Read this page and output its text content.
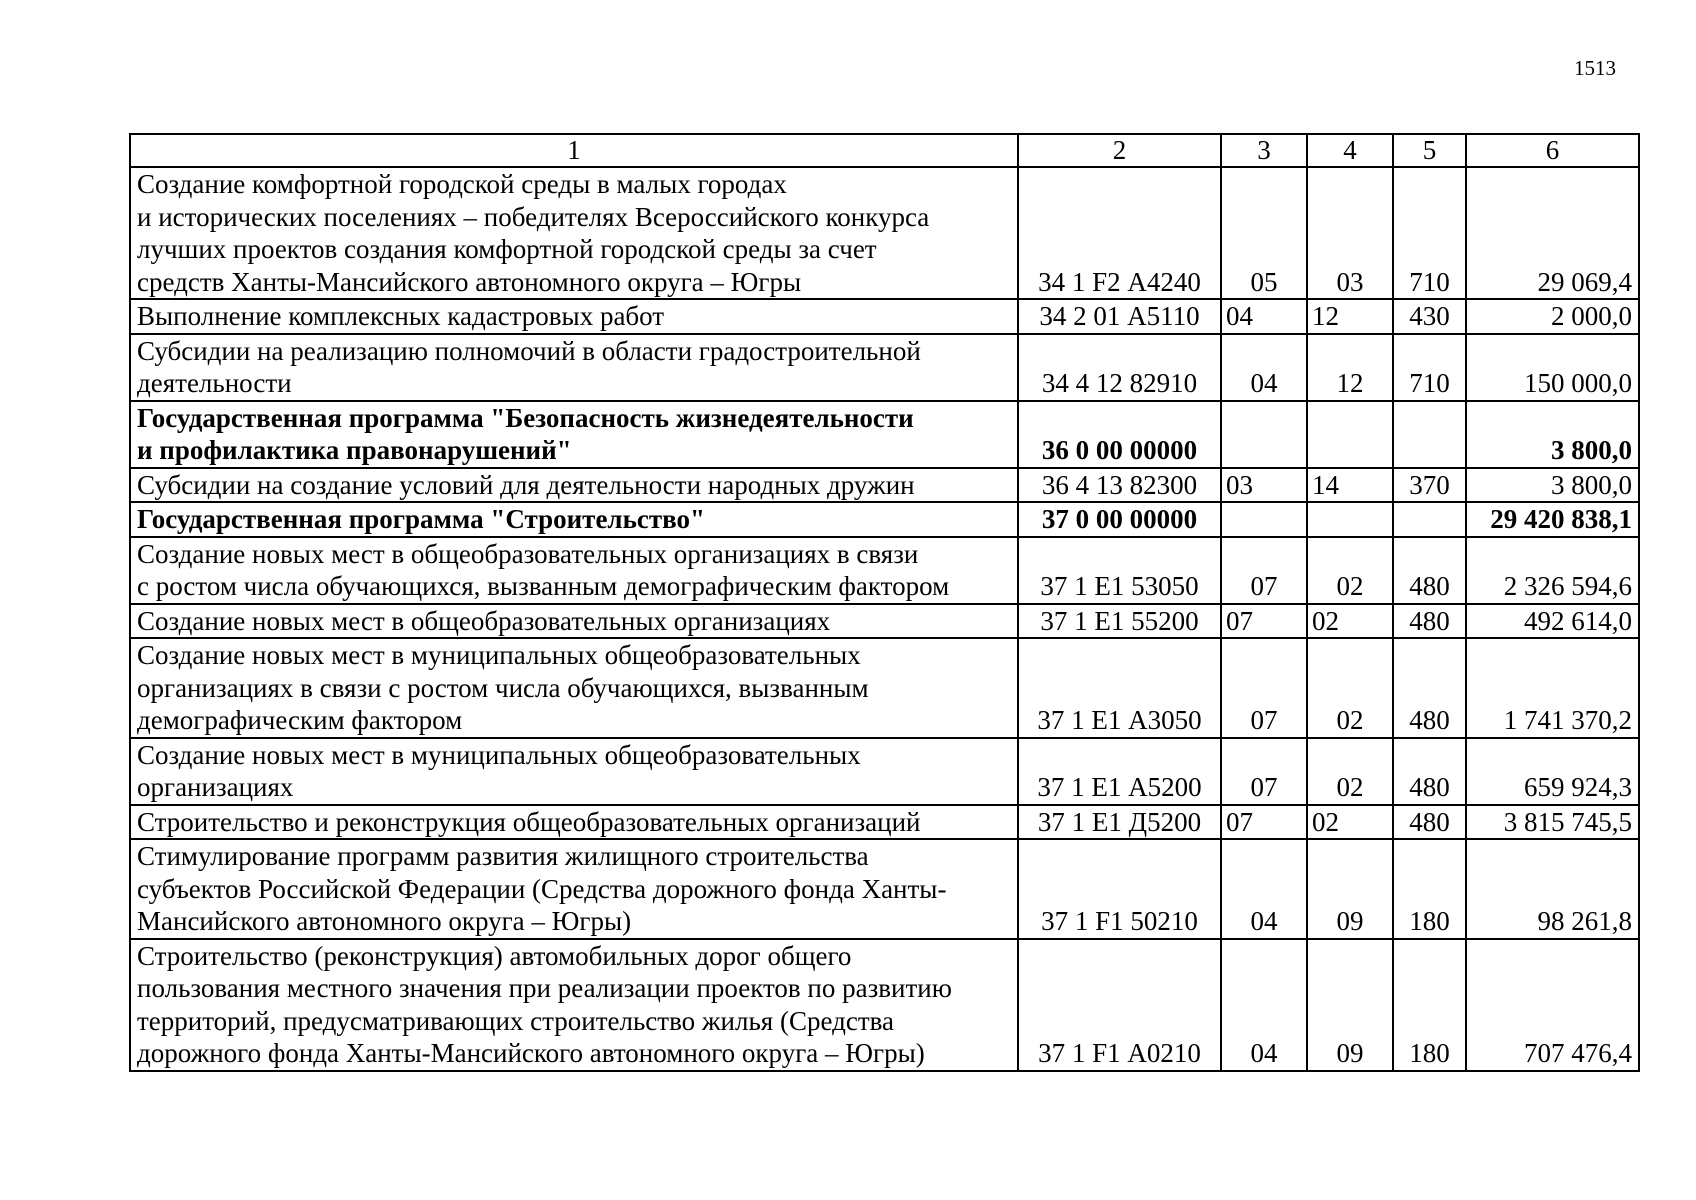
1513
1	2	3	4	5	6

Создание комфортной городской среды в малых городах
и исторических поселениях – победителях Всероссийского конкурса
лучших проектов создания комфортной городской среды за счет
средств Ханты-Мансийского автономного округа – Югры	34 1 F2 А4240	05	03	710	29 069,4

Выполнение комплексных кадастровых работ	34 2 01 А5110	04	12	430	2 000,0

Субсидии на реализацию полномочий в области градостроительной
деятельности	34 4 12 82910	04	12	710	150 000,0

Государственная программа "Безопасность жизнедеятельности
и профилактика правонарушений"	36 0 00 00000				3 800,0

Субсидии на создание условий для деятельности народных дружин	36 4 13 82300	03	14	370	3 800,0

Государственная программа "Строительство"	37 0 00 00000				29 420 838,1

Создание новых мест в общеобразовательных организациях в связи
с ростом числа обучающихся, вызванным демографическим фактором	37 1 E1 53050	07	02	480	2 326 594,6

Создание новых мест в общеобразовательных организациях	37 1 E1 55200	07	02	480	492 614,0

Создание новых мест в муниципальных общеобразовательных
организациях в связи с ростом числа обучающихся, вызванным
демографическим фактором	37 1 E1 А3050	07	02	480	1 741 370,2

Создание новых мест в муниципальных общеобразовательных
организациях	37 1 E1 А5200	07	02	480	659 924,3

Строительство и реконструкция общеобразовательных организаций	37 1 E1 Д5200	07	02	480	3 815 745,5

Стимулирование программ развития жилищного строительства
субъектов Российской Федерации (Средства дорожного фонда Ханты-
Мансийского автономного округа – Югры)	37 1 F1 50210	04	09	180	98 261,8

Строительство (реконструкция) автомобильных дорог общего
пользования местного значения при реализации проектов по развитию
территорий, предусматривающих строительство жилья (Средства
дорожного фонда Ханты-Мансийского автономного округа – Югры)	37 1 F1 А0210	04	09	180	707 476,4
